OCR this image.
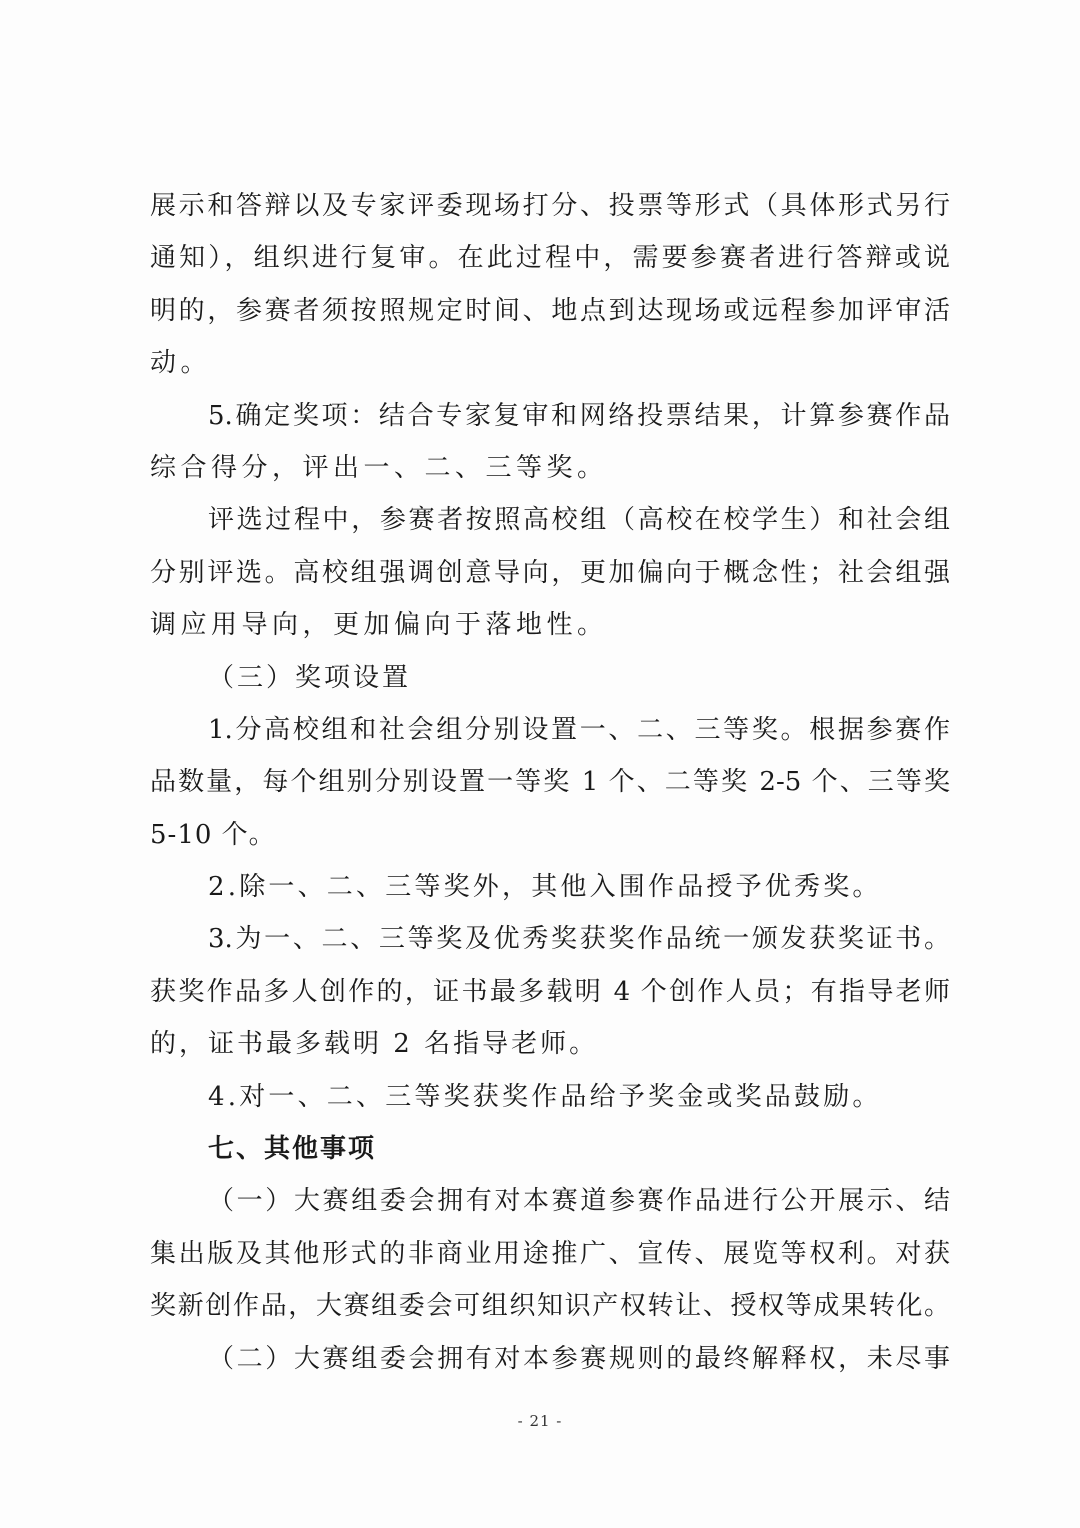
展示和答辩以及专家评委现场打分、投票等形式（具体形式另行
通知），组织进行复审。在此过程中，需要参赛者进行答辩或说
明的，参赛者须按照规定时间、地点到达现场或远程参加评审活
动。
5.确定奖项：结合专家复审和网络投票结果，计算参赛作品
综合得分，评出一、二、三等奖。
评选过程中，参赛者按照高校组（高校在校学生）和社会组
分别评选。高校组强调创意导向，更加偏向于概念性；社会组强
调应用导向，更加偏向于落地性。
（三）奖项设置
1.分高校组和社会组分别设置一、二、三等奖。根据参赛作
品数量，每个组别分别设置一等奖 1 个、二等奖 2-5 个、三等奖
5-10 个。
2.除一、二、三等奖外，其他入围作品授予优秀奖。
3.为一、二、三等奖及优秀奖获奖作品统一颁发获奖证书。
获奖作品多人创作的，证书最多载明 4 个创作人员；有指导老师
的，证书最多载明 2 名指导老师。
4.对一、二、三等奖获奖作品给予奖金或奖品鼓励。
七、其他事项
（一）大赛组委会拥有对本赛道参赛作品进行公开展示、结
集出版及其他形式的非商业用途推广、宣传、展览等权利。对获
奖新创作品，大赛组委会可组织知识产权转让、授权等成果转化。
（二）大赛组委会拥有对本参赛规则的最终解释权，未尽事
- 21 -
